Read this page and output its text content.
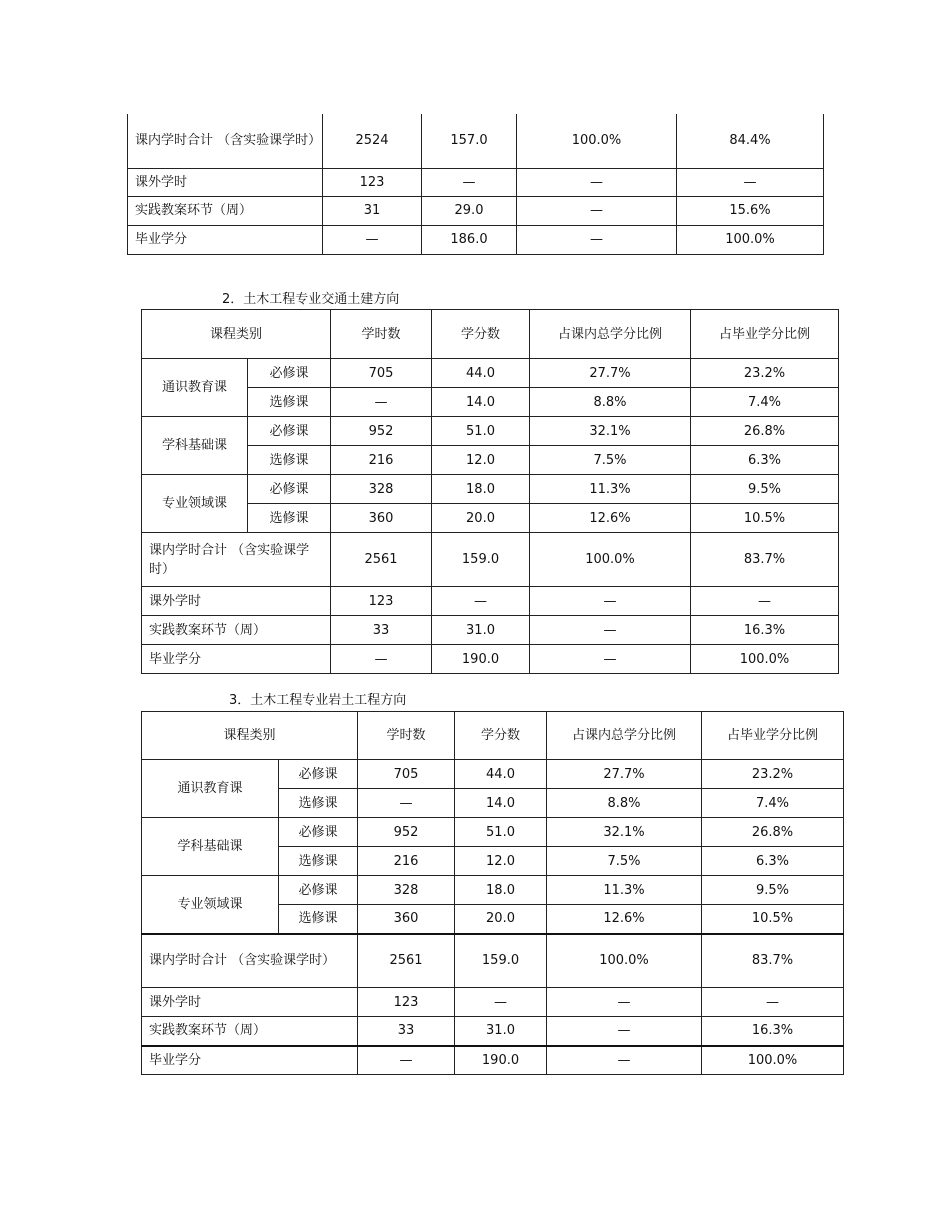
课内学时合计 （含实验课学时）	2524	157.0	100.0%	84.4%
课外学时	123	—	—	—
实践教案环节（周）	31	29.0	—	15.6%
毕业学分	—	186.0	—	100.0%
2．土木工程专业交通土建方向
课程类别		学时数	学分数	占课内总学分比例	占毕业学分比例
通识教育课	必修课	705	44.0	27.7%	23.2%
	选修课	—	14.0	8.8%	7.4%
学科基础课	必修课	952	51.0	32.1%	26.8%
	选修课	216	12.0	7.5%	6.3%
专业领域课	必修课	328	18.0	11.3%	9.5%
	选修课	360	20.0	12.6%	10.5%
课内学时合计 （含实验课学时）		2561	159.0	100.0%	83.7%
课外学时		123	—	—	—
实践教案环节（周）		33	31.0	—	16.3%
毕业学分		—	190.0	—	100.0%
3．土木工程专业岩土工程方向
课程类别		学时数	学分数	占课内总学分比例	占毕业学分比例
通识教育课	必修课	705	44.0	27.7%	23.2%
	选修课	—	14.0	8.8%	7.4%
学科基础课	必修课	952	51.0	32.1%	26.8%
	选修课	216	12.0	7.5%	6.3%
专业领域课	必修课	328	18.0	11.3%	9.5%
	选修课	360	20.0	12.6%	10.5%
课内学时合计 （含实验课学时）		2561	159.0	100.0%	83.7%
课外学时		123	—	—	—
实践教案环节（周）		33	31.0	—	16.3%
毕业学分		—	190.0	—	100.0%
